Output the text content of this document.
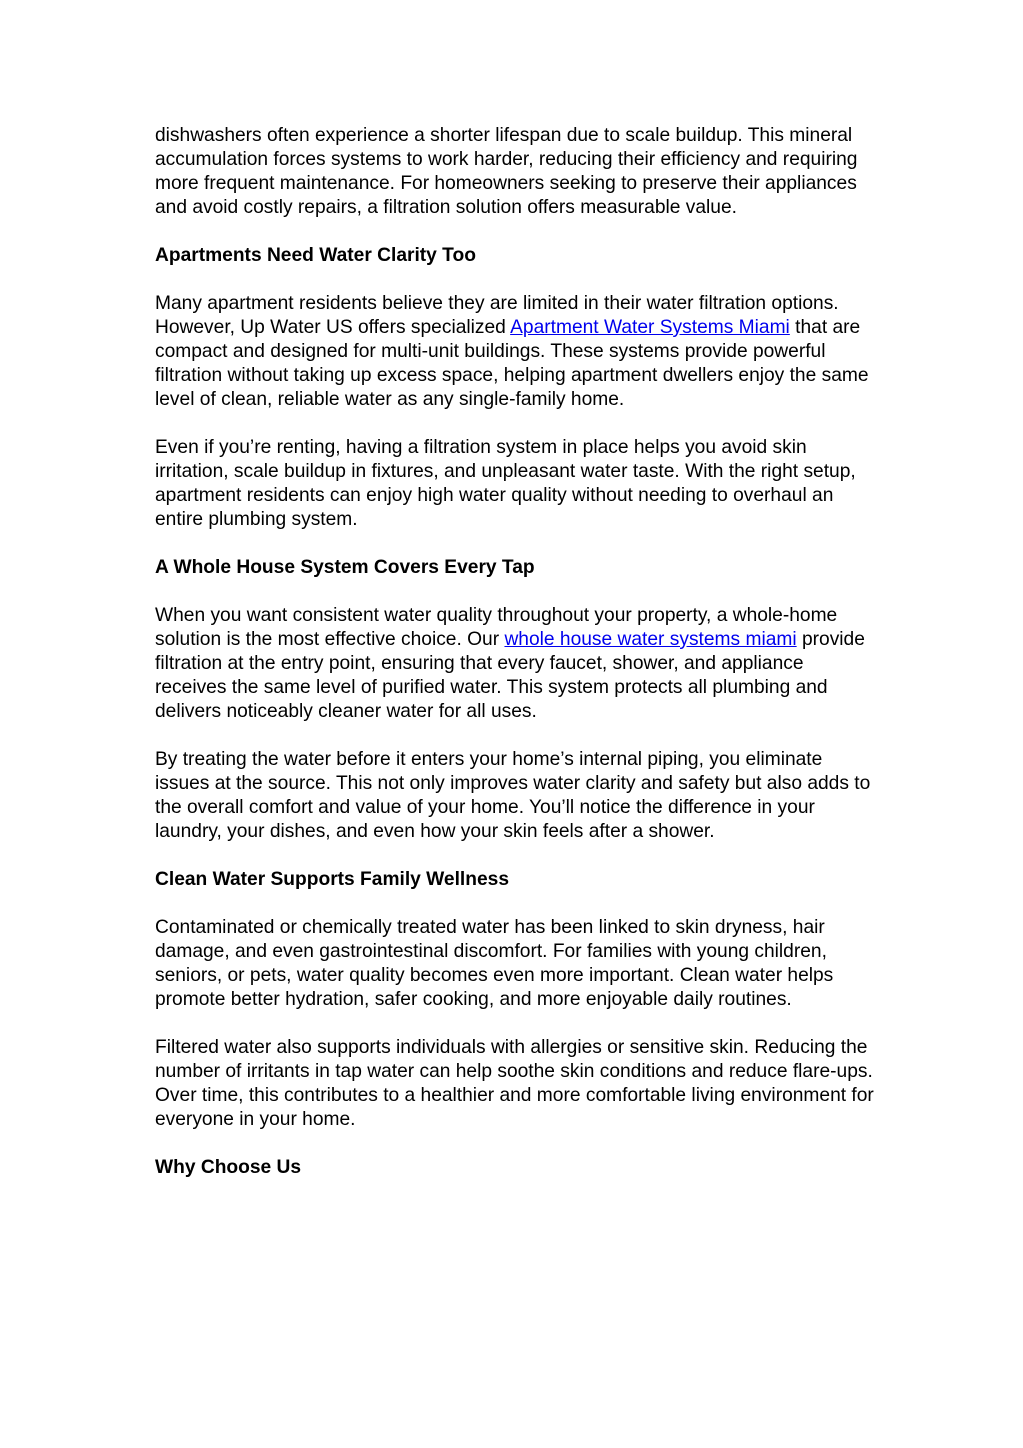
dishwashers often experience a shorter lifespan due to scale buildup. This mineral accumulation forces systems to work harder, reducing their efficiency and requiring more frequent maintenance. For homeowners seeking to preserve their appliances and avoid costly repairs, a filtration solution offers measurable value.

Apartments Need Water Clarity Too

Many apartment residents believe they are limited in their water filtration options. However, Up Water US offers specialized Apartment Water Systems Miami that are compact and designed for multi-unit buildings. These systems provide powerful filtration without taking up excess space, helping apartment dwellers enjoy the same level of clean, reliable water as any single-family home.

Even if you’re renting, having a filtration system in place helps you avoid skin irritation, scale buildup in fixtures, and unpleasant water taste. With the right setup, apartment residents can enjoy high water quality without needing to overhaul an entire plumbing system.

A Whole House System Covers Every Tap

When you want consistent water quality throughout your property, a whole-home solution is the most effective choice. Our whole house water systems miami provide filtration at the entry point, ensuring that every faucet, shower, and appliance receives the same level of purified water. This system protects all plumbing and delivers noticeably cleaner water for all uses.

By treating the water before it enters your home’s internal piping, you eliminate issues at the source. This not only improves water clarity and safety but also adds to the overall comfort and value of your home. You’ll notice the difference in your laundry, your dishes, and even how your skin feels after a shower.

Clean Water Supports Family Wellness

Contaminated or chemically treated water has been linked to skin dryness, hair damage, and even gastrointestinal discomfort. For families with young children, seniors, or pets, water quality becomes even more important. Clean water helps promote better hydration, safer cooking, and more enjoyable daily routines.

Filtered water also supports individuals with allergies or sensitive skin. Reducing the number of irritants in tap water can help soothe skin conditions and reduce flare-ups. Over time, this contributes to a healthier and more comfortable living environment for everyone in your home.

Why Choose Us
